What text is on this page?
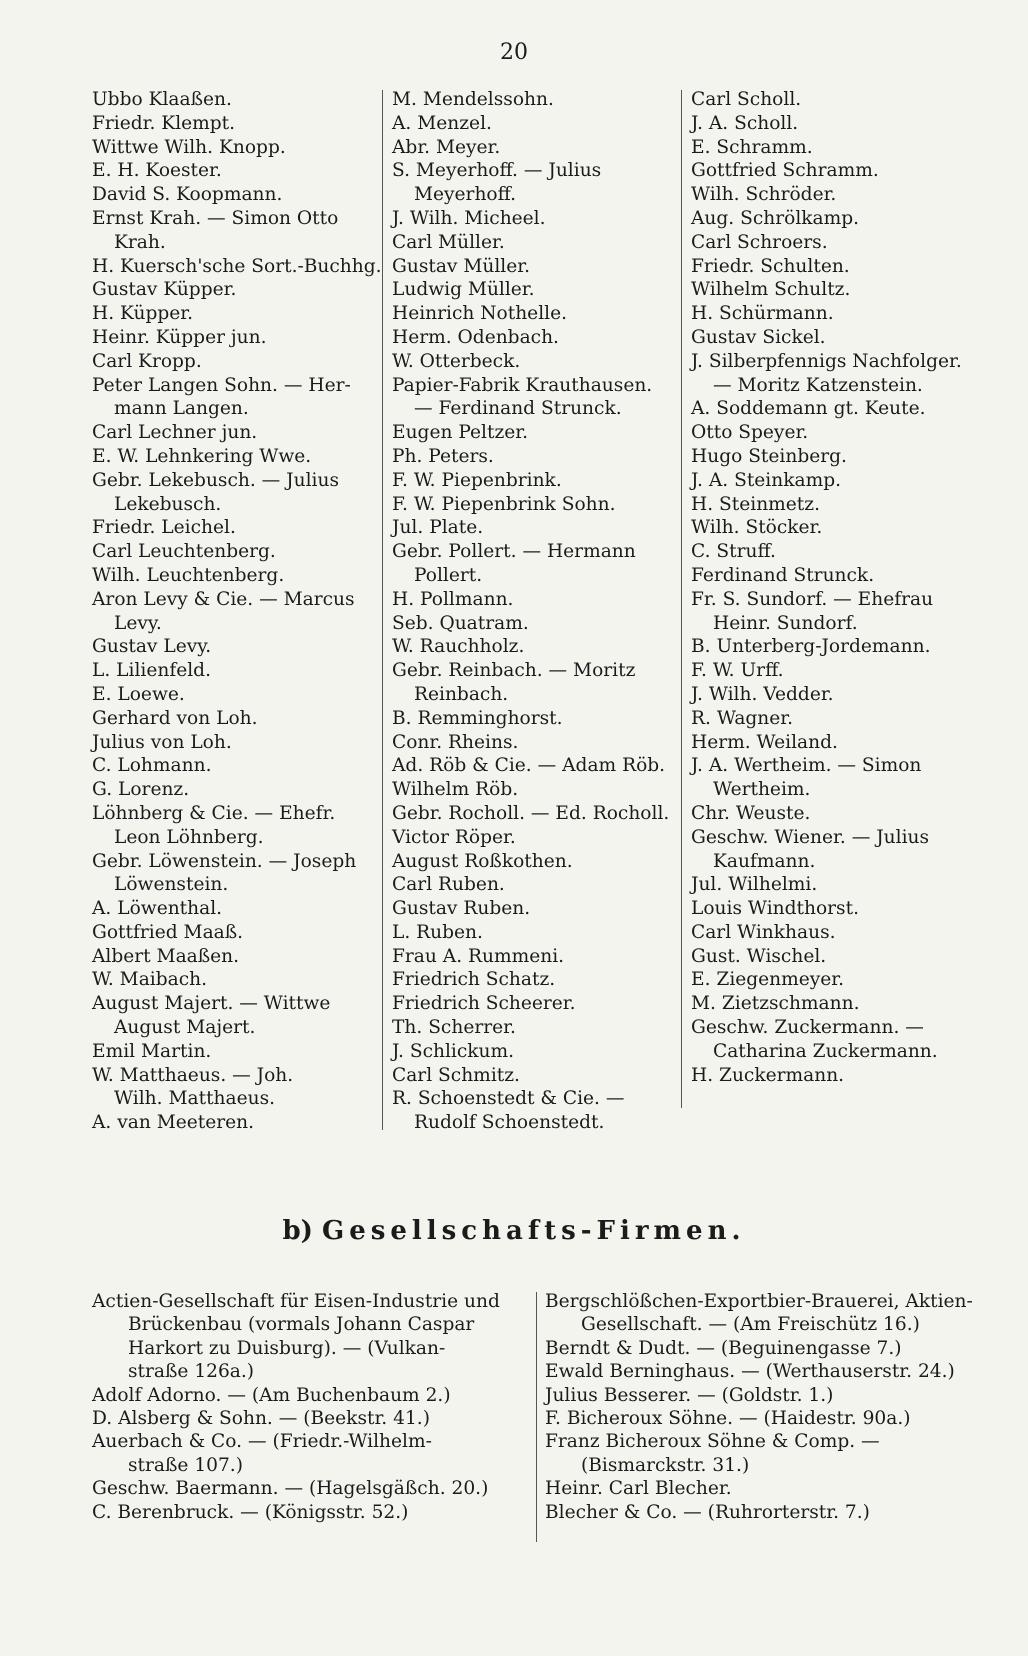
20
Ubbo Klaaßen.
Friedr. Klempt.
Wittwe Wilh. Knopp.
E. H. Koester.
David S. Koopmann.
Ernst Krah. — Simon Otto
Krah.
H. Kuersch'sche Sort.-Buchhg.
Gustav Küpper.
H. Küpper.
Heinr. Küpper jun.
Carl Kropp.
Peter Langen Sohn. — Her-
mann Langen.
Carl Lechner jun.
E. W. Lehnkering Wwe.
Gebr. Lekebusch. — Julius
Lekebusch.
Friedr. Leichel.
Carl Leuchtenberg.
Wilh. Leuchtenberg.
Aron Levy & Cie. — Marcus
Levy.
Gustav Levy.
L. Lilienfeld.
E. Loewe.
Gerhard von Loh.
Julius von Loh.
C. Lohmann.
G. Lorenz.
Löhnberg & Cie. — Ehefr.
Leon Löhnberg.
Gebr. Löwenstein. — Joseph
Löwenstein.
A. Löwenthal.
Gottfried Maaß.
Albert Maaßen.
W. Maibach.
August Majert. — Wittwe
August Majert.
Emil Martin.
W. Matthaeus. — Joh.
Wilh. Matthaeus.
A. van Meeteren.
M. Mendelssohn.
A. Menzel.
Abr. Meyer.
S. Meyerhoff. — Julius
Meyerhoff.
J. Wilh. Micheel.
Carl Müller.
Gustav Müller.
Ludwig Müller.
Heinrich Nothelle.
Herm. Odenbach.
W. Otterbeck.
Papier-Fabrik Krauthausen.
— Ferdinand Strunck.
Eugen Peltzer.
Ph. Peters.
F. W. Piepenbrink.
F. W. Piepenbrink Sohn.
Jul. Plate.
Gebr. Pollert. — Hermann
Pollert.
H. Pollmann.
Seb. Quatram.
W. Rauchholz.
Gebr. Reinbach. — Moritz
Reinbach.
B. Remminghorst.
Conr. Rheins.
Ad. Röb & Cie. — Adam Röb.
Wilhelm Röb.
Gebr. Rocholl. — Ed. Rocholl.
Victor Röper.
August Roßkothen.
Carl Ruben.
Gustav Ruben.
L. Ruben.
Frau A. Rummeni.
Friedrich Schatz.
Friedrich Scheerer.
Th. Scherrer.
J. Schlickum.
Carl Schmitz.
R. Schoenstedt & Cie. —
Rudolf Schoenstedt.
Carl Scholl.
J. A. Scholl.
E. Schramm.
Gottfried Schramm.
Wilh. Schröder.
Aug. Schrölkamp.
Carl Schroers.
Friedr. Schulten.
Wilhelm Schultz.
H. Schürmann.
Gustav Sickel.
J. Silberpfennigs Nachfolger.
— Moritz Katzenstein.
A. Soddemann gt. Keute.
Otto Speyer.
Hugo Steinberg.
J. A. Steinkamp.
H. Steinmetz.
Wilh. Stöcker.
C. Struff.
Ferdinand Strunck.
Fr. S. Sundorf. — Ehefrau
Heinr. Sundorf.
B. Unterberg-Jordemann.
F. W. Urff.
J. Wilh. Vedder.
R. Wagner.
Herm. Weiland.
J. A. Wertheim. — Simon
Wertheim.
Chr. Weuste.
Geschw. Wiener. — Julius
Kaufmann.
Jul. Wilhelmi.
Louis Windthorst.
Carl Winkhaus.
Gust. Wischel.
E. Ziegenmeyer.
M. Zietzschmann.
Geschw. Zuckermann. —
Catharina Zuckermann.
H. Zuckermann.
b) Gesellschafts-Firmen.
Actien-Gesellschaft für Eisen-Industrie und
Brückenbau (vormals Johann Caspar
Harkort zu Duisburg). — (Vulkan-
straße 126a.)
Adolf Adorno. — (Am Buchenbaum 2.)
D. Alsberg & Sohn. — (Beekstr. 41.)
Auerbach & Co. — (Friedr.-Wilhelm-
straße 107.)
Geschw. Baermann. — (Hagelsgäßch. 20.)
C. Berenbruck. — (Königsstr. 52.)
Bergschlößchen-Exportbier-Brauerei, Aktien-
Gesellschaft. — (Am Freischütz 16.)
Berndt & Dudt. — (Beguinengasse 7.)
Ewald Berninghaus. — (Werthauserstr. 24.)
Julius Besserer. — (Goldstr. 1.)
F. Bicheroux Söhne. — (Haidestr. 90a.)
Franz Bicheroux Söhne & Comp. —
(Bismarckstr. 31.)
Heinr. Carl Blecher.
Blecher & Co. — (Ruhrorterstr. 7.)
